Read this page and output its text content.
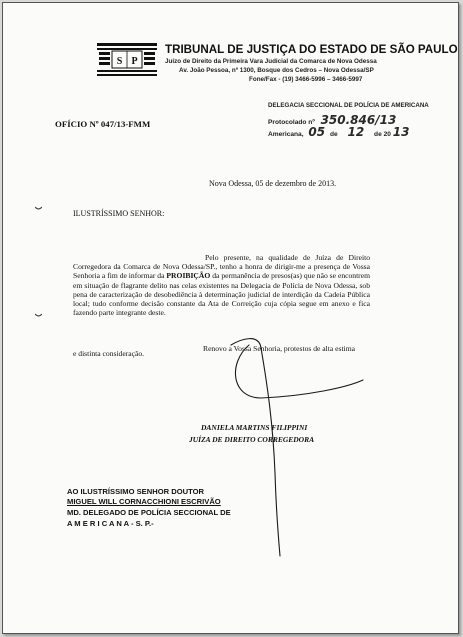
S P
TRIBUNAL DE JUSTIÇA DO ESTADO DE SÃO PAULO
Juízo de Direito da Primeira Vara Judicial da Comarca de Nova Odessa
Av. João Pessoa, nº 1300, Bosque dos Cedros – Nova Odessa/SP
Fone/Fax - (19) 3466-5996 – 3466-5997
DELEGACIA SECCIONAL DE POLÍCIA DE AMERICANA
Protocolado nº 350.846/13
Americana, 05 de 12 de 20 13
OFÍCIO Nº 047/13-FMM
Nova Odessa, 05 de dezembro de 2013.
ILUSTRÍSSIMO SENHOR:
Pelo presente, na qualidade de Juíza de Direito Corregedora da Comarca de Nova Odessa/SP., tenho a honra de dirigir-me a presença de Vossa Senhoria a fim de informar da PROIBIÇÃO da permanência de presos(as) que não se encontrem em situação de flagrante delito nas celas existentes na Delegacia de Polícia de Nova Odessa, sob pena de caracterização de desobediência à determinação judicial de interdição da Cadeia Pública local; tudo conforme decisão constante da Ata de Correição cuja cópia segue em anexo e fica fazendo parte integrante deste.
Renovo a Vossa Senhoria, protestos de alta estima
e distinta consideração.
DANIELA MARTINS FILIPPINI
JUÍZA DE DIREITO CORREGEDORA
AO ILUSTRÍSSIMO SENHOR DOUTOR
MIGUEL WILL CORNACCHIONI ESCRIVÃO
MD. DELEGADO DE POLÍCIA SECCIONAL DE
A M E R I C A N A - S. P.-
